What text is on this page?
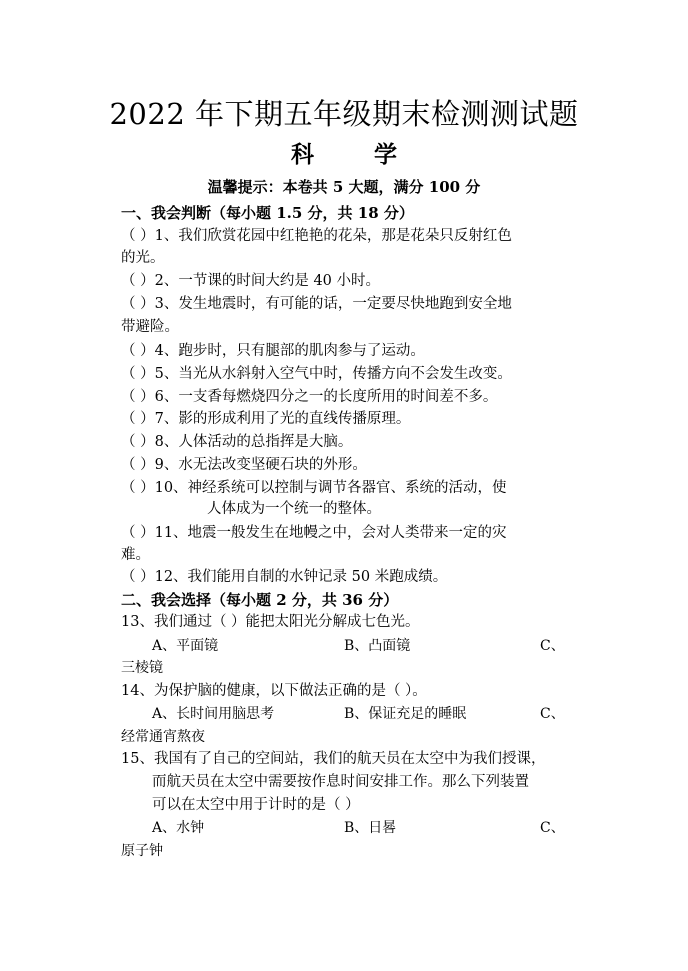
2022 年下期五年级期末检测测试题
科 学
温馨提示：本卷共 5 大题，满分 100 分
一、我会判断（每小题 1.5 分，共 18 分）
（ ）1、我们欣赏花园中红艳艳的花朵，那是花朵只反射红色
的光。
（ ）2、一节课的时间大约是 40 小时。
（ ）3、发生地震时，有可能的话，一定要尽快地跑到安全地
带避险。
（ ）4、跑步时，只有腿部的肌肉参与了运动。
（ ）5、当光从水斜射入空气中时，传播方向不会发生改变。
（ ）6、一支香每燃烧四分之一的长度所用的时间差不多。
（ ）7、影的形成利用了光的直线传播原理。
（ ）8、人体活动的总指挥是大脑。
（ ）9、水无法改变坚硬石块的外形。
（ ）10、神经系统可以控制与调节各器官、系统的活动，使
人体成为一个统一的整体。
（ ）11、地震一般发生在地幔之中，会对人类带来一定的灾
难。
（ ）12、我们能用自制的水钟记录 50 米跑成绩。
二、我会选择（每小题 2 分，共 36 分）
13、我们通过（ ）能把太阳光分解成七色光。
A、平面镜	B、凸面镜	C、
三棱镜
14、为保护脑的健康，以下做法正确的是（ ）。
A、长时间用脑思考	B、保证充足的睡眠	C、
经常通宵熬夜
15、我国有了自己的空间站，我们的航天员在太空中为我们授课，
而航天员在太空中需要按作息时间安排工作。那么下列装置
可以在太空中用于计时的是（ ）
A、水钟	B、日晷	C、
原子钟
